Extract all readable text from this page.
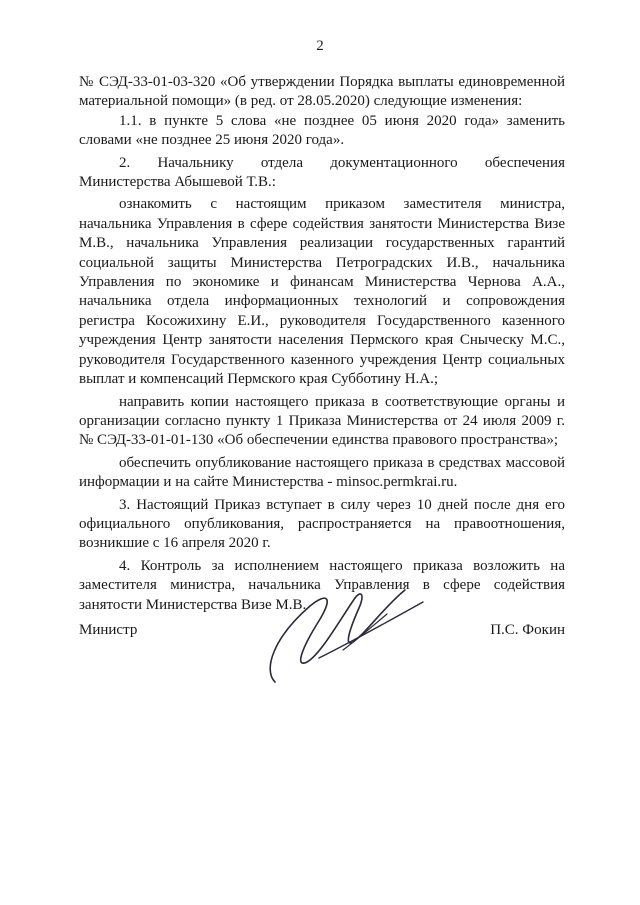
2

№ СЭД-33-01-03-320 «Об утверждении Порядка выплаты единовременной материальной помощи» (в ред. от 28.05.2020) следующие изменения:

1.1. в пункте 5 слова «не позднее 05 июня 2020 года» заменить словами «не позднее 25 июня 2020 года».

2. Начальнику отдела документационного обеспечения Министерства Абышевой Т.В.:

ознакомить с настоящим приказом заместителя министра, начальника Управления в сфере содействия занятости Министерства Визе М.В., начальника Управления реализации государственных гарантий социальной защиты Министерства Петроградских И.В., начальника Управления по экономике и финансам Министерства Чернова А.А., начальника отдела информационных технологий и сопровождения регистра Косожихину Е.И., руководителя Государственного казенного учреждения Центр занятости населения Пермского края Сныческу М.С., руководителя Государственного казенного учреждения Центр социальных выплат и компенсаций Пермского края Субботину Н.А.;

направить копии настоящего приказа в соответствующие органы и организации согласно пункту 1 Приказа Министерства от 24 июля 2009 г. № СЭД-33-01-01-130 «Об обеспечении единства правового пространства»;

обеспечить опубликование настоящего приказа в средствах массовой информации и на сайте Министерства - minsoc.permkrai.ru.

3. Настоящий Приказ вступает в силу через 10 дней после дня его официального опубликования, распространяется на правоотношения, возникшие с 16 апреля 2020 г.

4. Контроль за исполнением настоящего приказа возложить на заместителя министра, начальника Управления в сфере содействия занятости Министерства Визе М.В.

Министр	П.С. Фокин
